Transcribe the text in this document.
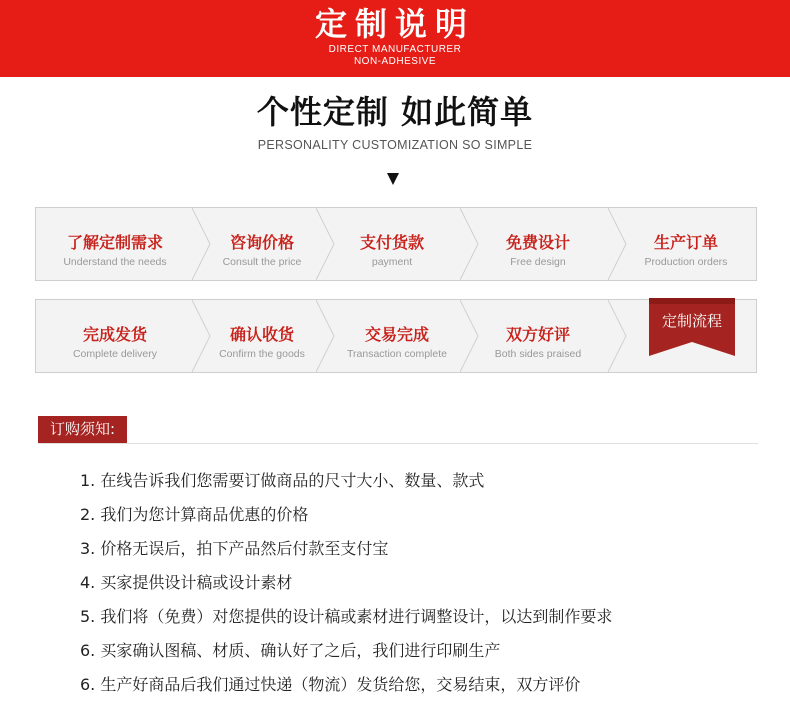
定制说明
DIRECT MANUFACTURER
NON-ADHESIVE
个性定制 如此简单
PERSONALITY CUSTOMIZATION SO SIMPLE
了解定制需求
Understand the needs
咨询价格
Consult the price
支付货款
payment
免费设计
Free design
生产订单
Production orders
完成发货
Complete delivery
确认收货
Confirm the goods
交易完成
Transaction complete
双方好评
Both sides praised
定制流程
订购须知:
1. 在线告诉我们您需要订做商品的尺寸大小、数量、款式
2. 我们为您计算商品优惠的价格
3. 价格无误后，拍下产品然后付款至支付宝
4. 买家提供设计稿或设计素材
5. 我们将（免费）对您提供的设计稿或素材进行调整设计，以达到制作要求
6. 买家确认图稿、材质、确认好了之后，我们进行印刷生产
6. 生产好商品后我们通过快递（物流）发货给您，交易结束，双方评价
